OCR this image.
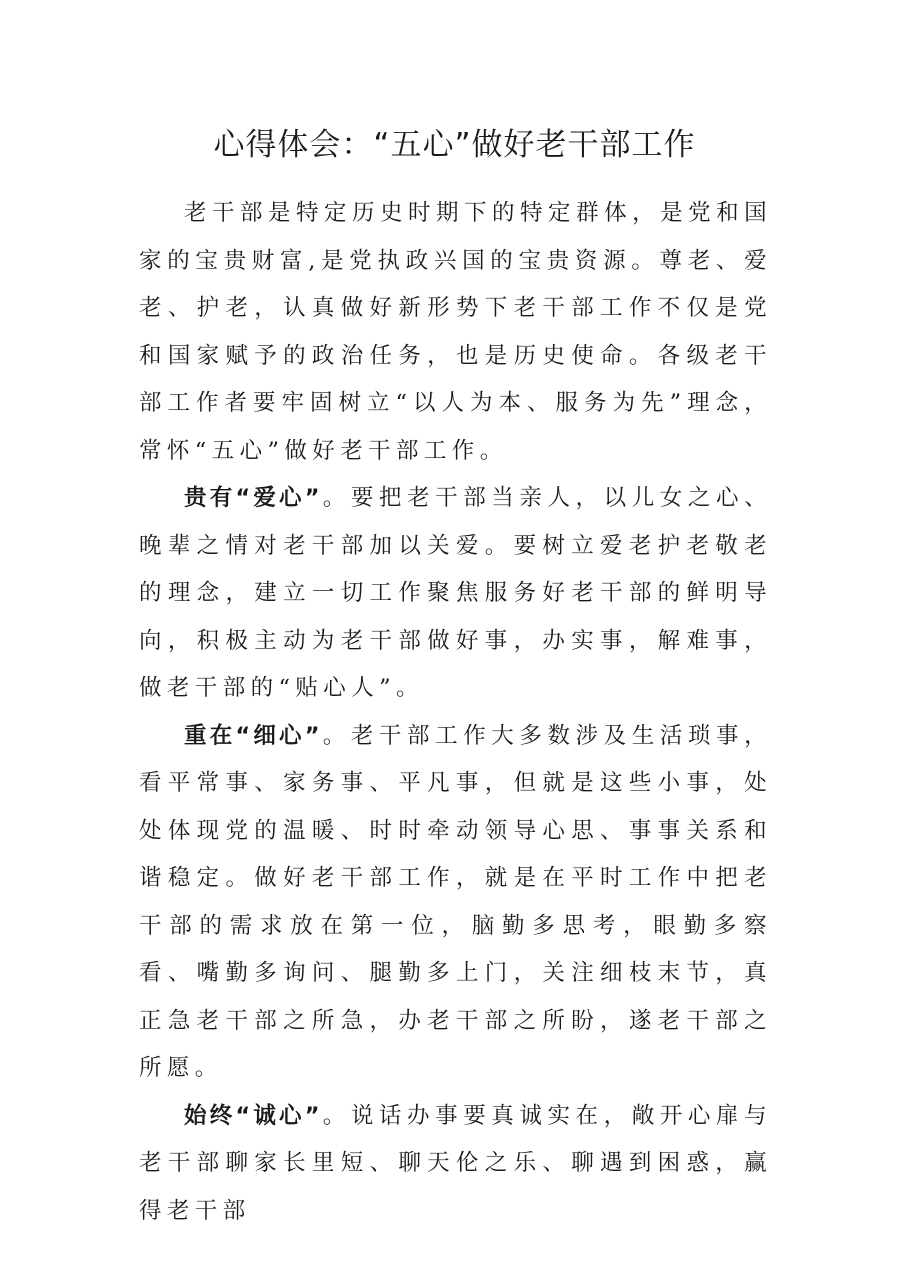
心得体会：“五心”做好老干部工作

老干部是特定历史时期下的特定群体，是党和国家的宝贵财富,是党执政兴国的宝贵资源。尊老、爱老、护老，认真做好新形势下老干部工作不仅是党和国家赋予的政治任务，也是历史使命。各级老干部工作者要牢固树立“以人为本、服务为先”理念，常怀“五心”做好老干部工作。

贵有“爱心”。要把老干部当亲人，以儿女之心、晚辈之情对老干部加以关爱。要树立爱老护老敬老的理念，建立一切工作聚焦服务好老干部的鲜明导向，积极主动为老干部做好事，办实事，解难事，做老干部的“贴心人”。

重在“细心”。老干部工作大多数涉及生活琐事，看平常事、家务事、平凡事，但就是这些小事，处处体现党的温暖、时时牵动领导心思、事事关系和谐稳定。做好老干部工作，就是在平时工作中把老干部的需求放在第一位，脑勤多思考，眼勤多察看、嘴勤多询问、腿勤多上门，关注细枝末节，真正急老干部之所急，办老干部之所盼，遂老干部之所愿。

始终“诚心”。说话办事要真诚实在，敞开心扉与老干部聊家长里短、聊天伦之乐、聊遇到困惑，赢得老干部
